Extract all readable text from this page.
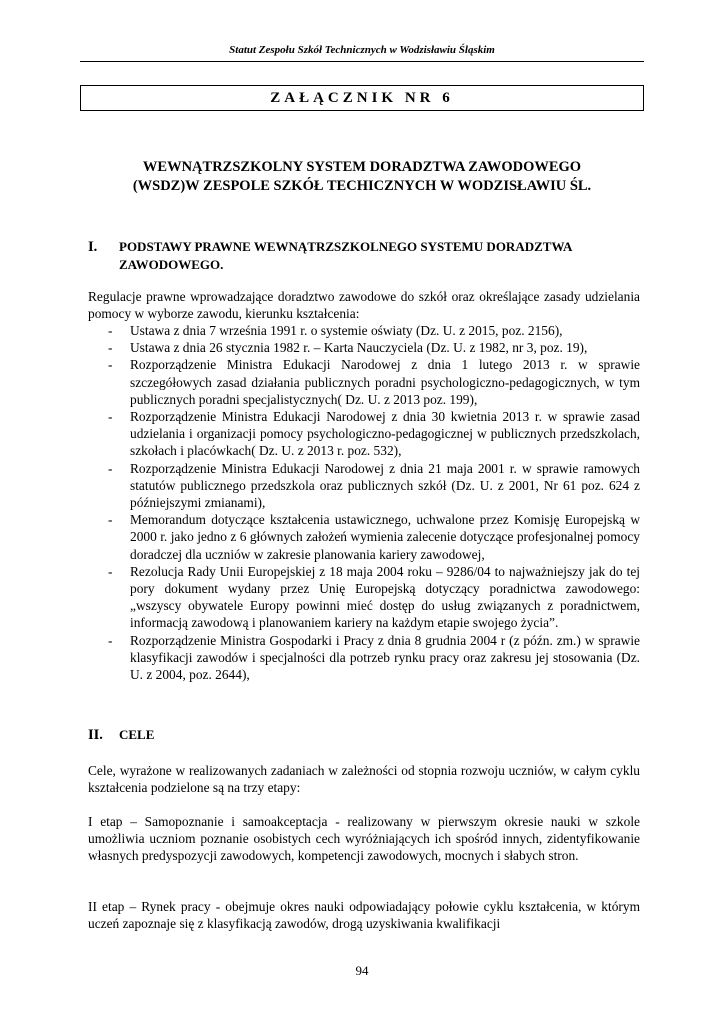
Statut Zespołu Szkół Technicznych w Wodzisławiu Śląskim
ZAŁĄCZNIK NR 6
WEWNĄTRZSZKOLNY SYSTEM DORADZTWA ZAWODOWEGO
(WSDZ)W ZESPOLE SZKÓŁ TECHICZNYCH W WODZISŁAWIU ŚL.
I. PODSTAWY PRAWNE WEWNĄTRZSZKOLNEGO SYSTEMU DORADZTWA ZAWODOWEGO.
Regulacje prawne wprowadzające doradztwo zawodowe do szkół oraz określające zasady udzielania pomocy w wyborze zawodu, kierunku kształcenia:
- Ustawa z dnia 7 września 1991 r. o systemie oświaty (Dz. U. z 2015, poz. 2156),
- Ustawa z dnia 26 stycznia 1982 r. – Karta Nauczyciela (Dz. U. z 1982, nr 3, poz. 19),
- Rozporządzenie Ministra Edukacji Narodowej z dnia 1 lutego 2013 r. w sprawie szczegółowych zasad działania publicznych poradni psychologiczno-pedagogicznych, w tym publicznych poradni specjalistycznych( Dz. U. z 2013 poz. 199),
- Rozporządzenie Ministra Edukacji Narodowej z dnia 30 kwietnia 2013 r. w sprawie zasad udzielania i organizacji pomocy psychologiczno-pedagogicznej w publicznych przedszkolach, szkołach i placówkach( Dz. U. z 2013 r. poz. 532),
- Rozporządzenie Ministra Edukacji Narodowej z dnia 21 maja 2001 r. w sprawie ramowych statutów publicznego przedszkola oraz publicznych szkół (Dz. U. z 2001, Nr 61 poz. 624 z późniejszymi zmianami),
- Memorandum dotyczące kształcenia ustawicznego, uchwalone przez Komisję Europejską w 2000 r. jako jedno z 6 głównych założeń wymienia zalecenie dotyczące profesjonalnej pomocy doradczej dla uczniów w zakresie planowania kariery zawodowej,
- Rezolucja Rady Unii Europejskiej z 18 maja 2004 roku – 9286/04 to najważniejszy jak do tej pory dokument wydany przez Unię Europejską dotyczący poradnictwa zawodowego: „wszyscy obywatele Europy powinni mieć dostęp do usług związanych z poradnictwem, informacją zawodową i planowaniem kariery na każdym etapie swojego życia”.
- Rozporządzenie Ministra Gospodarki i Pracy z dnia 8 grudnia 2004 r (z późn. zm.) w sprawie klasyfikacji zawodów i specjalności dla potrzeb rynku pracy oraz zakresu jej stosowania (Dz. U. z 2004, poz. 2644),
II. CELE
Cele, wyrażone w realizowanych zadaniach w zależności od stopnia rozwoju uczniów, w całym cyklu kształcenia podzielone są na trzy etapy:
I etap – Samopoznanie i samoakceptacja - realizowany w pierwszym okresie nauki w szkole umożliwia uczniom poznanie osobistych cech wyróżniających ich spośród innych, zidentyfikowanie własnych predyspozycji zawodowych, kompetencji zawodowych, mocnych i słabych stron.
II etap – Rynek pracy - obejmuje okres nauki odpowiadający połowie cyklu kształcenia, w którym uczeń zapoznaje się z klasyfikacją zawodów, drogą uzyskiwania kwalifikacji
94
